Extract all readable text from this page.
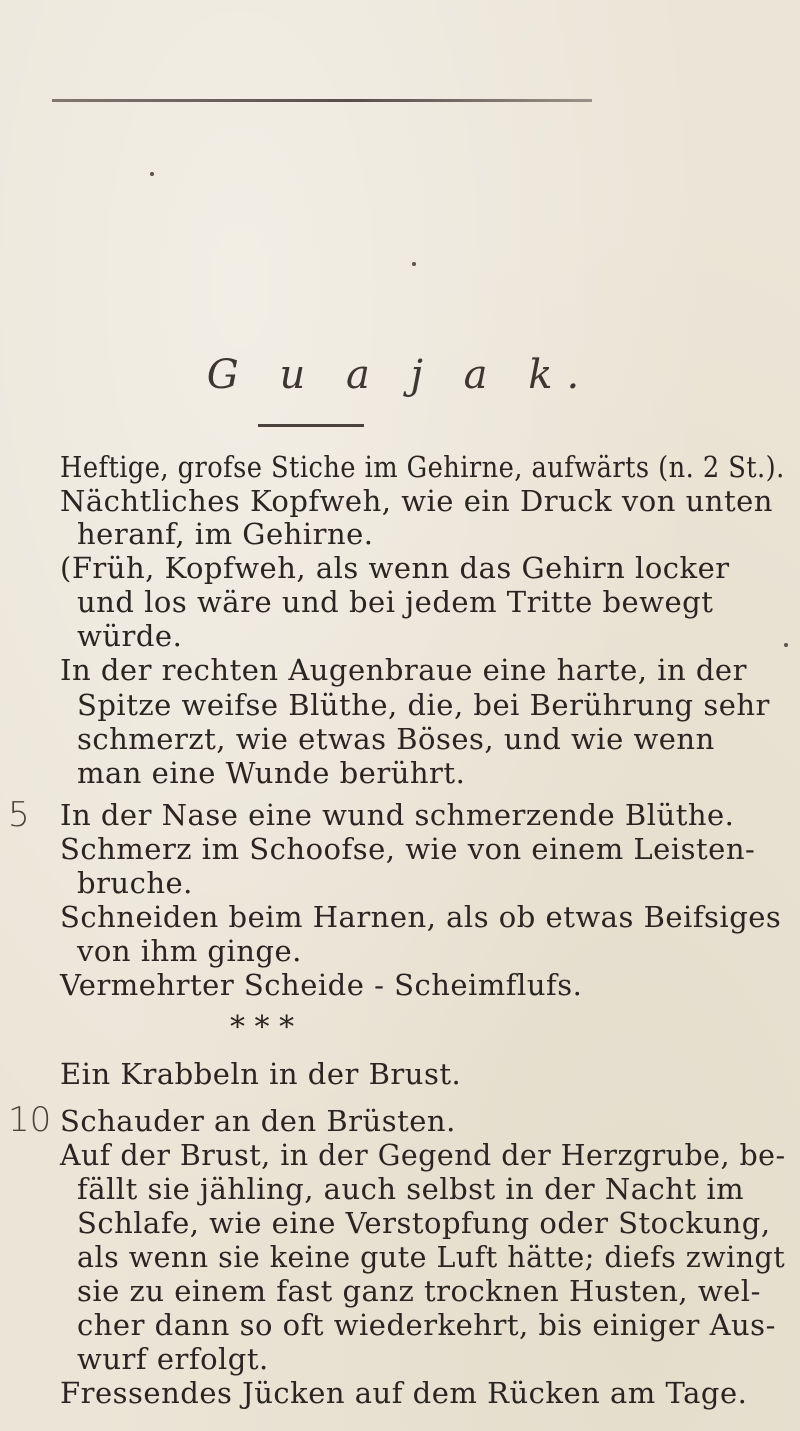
G u a j a k.
Heftige, grofse Stiche im Gehirne, aufwärts (n. 2 St.).
Nächtliches Kopfweh, wie ein Druck von unten
heranf, im Gehirne.
(Früh, Kopfweh, als wenn das Gehirn locker
und los wäre und bei jedem Tritte bewegt
würde.
In der rechten Augenbraue eine harte, in der
Spitze weifse Blüthe, die, bei Berührung sehr
schmerzt, wie etwas Böses, und wie wenn
man eine Wunde berührt.
5 In der Nase eine wund schmerzende Blüthe.
Schmerz im Schoofse, wie von einem Leisten-
bruche.
Schneiden beim Harnen, als ob etwas Beifsiges
von ihm ginge.
Vermehrter Scheide - Scheimflufs.
* * *
Ein Krabbeln in der Brust.
10 Schauder an den Brüsten.
Auf der Brust, in der Gegend der Herzgrube, be-
fällt sie jähling, auch selbst in der Nacht im
Schlafe, wie eine Verstopfung oder Stockung,
als wenn sie keine gute Luft hätte; diefs zwingt
sie zu einem fast ganz trocknen Husten, wel-
cher dann so oft wiederkehrt, bis einiger Aus-
wurf erfolgt.
Fressendes Jücken auf dem Rücken am Tage.
